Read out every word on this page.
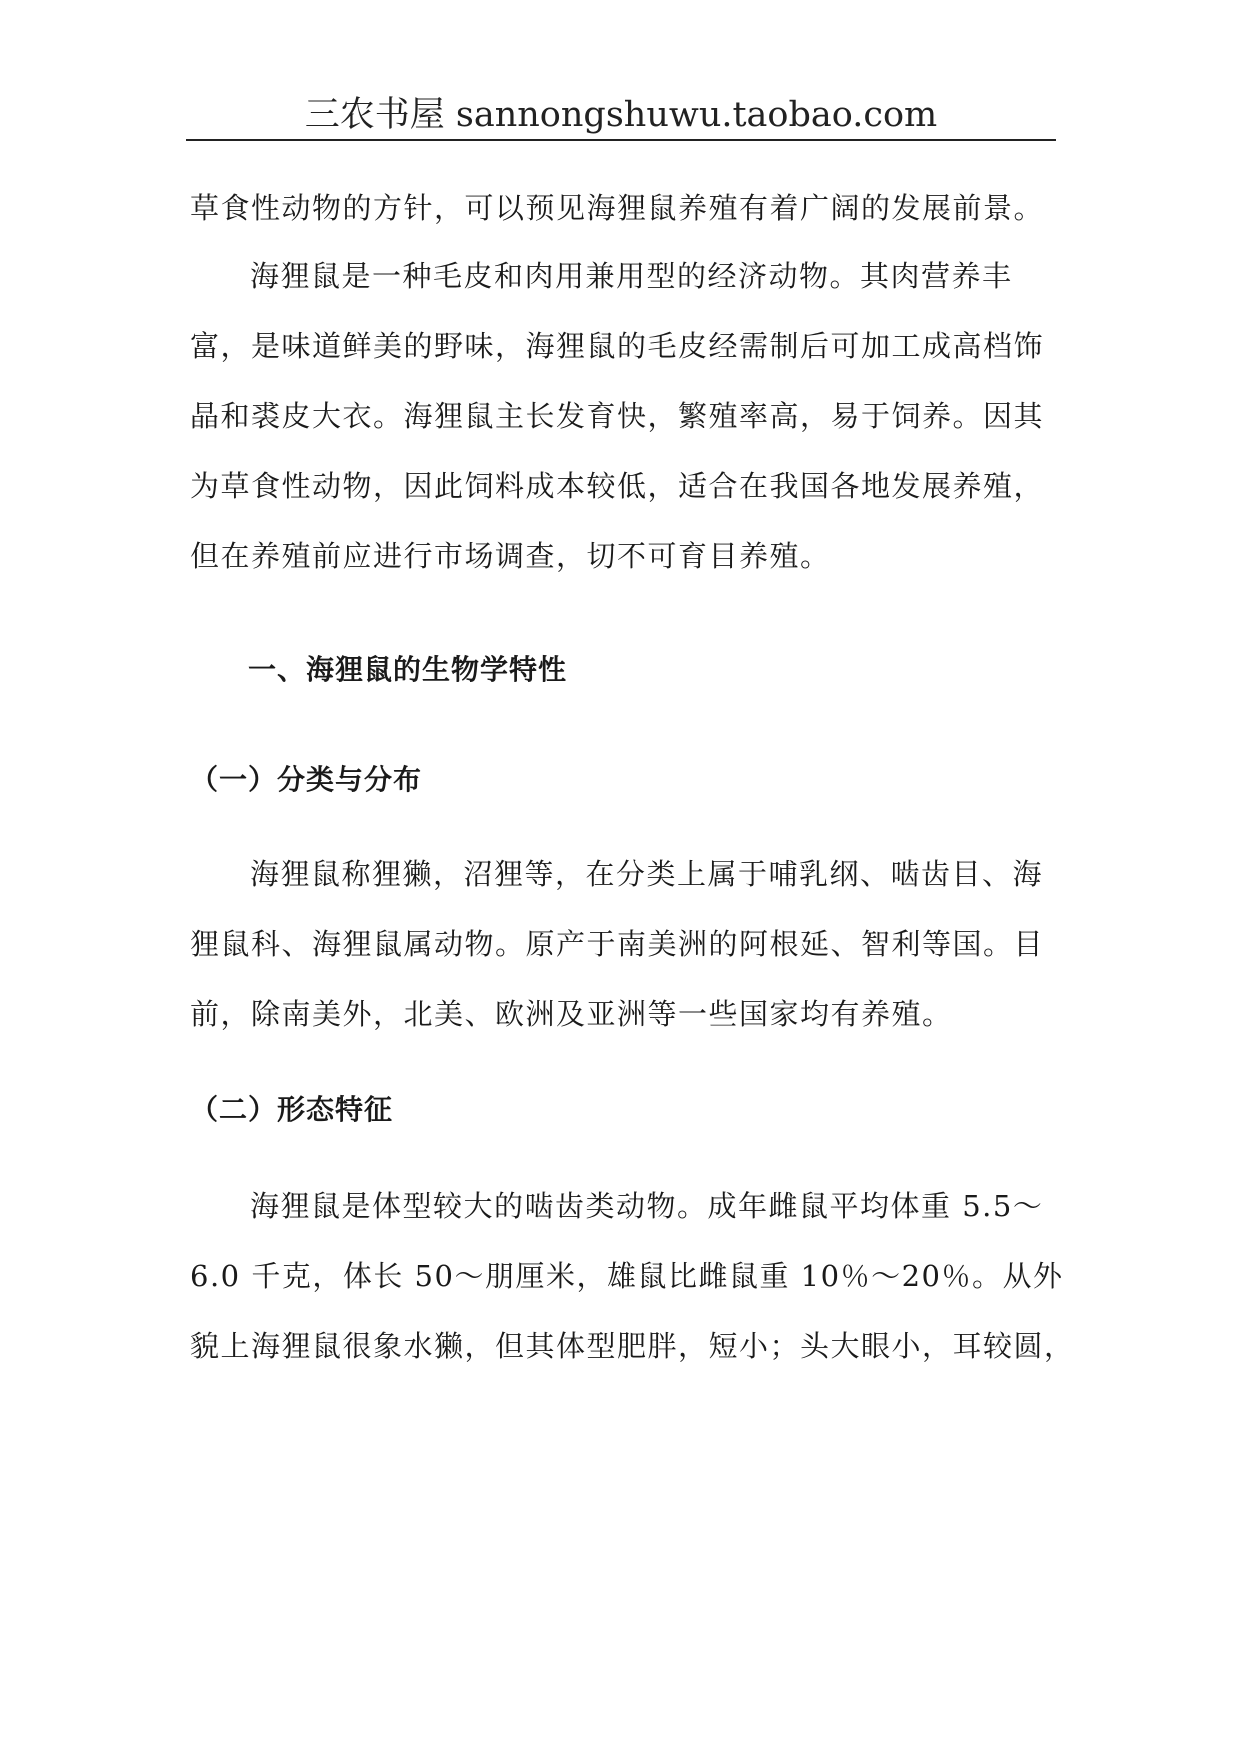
三农书屋 sannongshuwu.taobao.com
草食性动物的方针，可以预见海狸鼠养殖有着广阔的发展前景。
海狸鼠是一种毛皮和肉用兼用型的经济动物。其肉营养丰
富，是味道鲜美的野味，海狸鼠的毛皮经需制后可加工成高档饰
晶和裘皮大衣。海狸鼠主长发育快，繁殖率高，易于饲养。因其
为草食性动物，因此饲料成本较低，适合在我国各地发展养殖，
但在养殖前应进行市场调查，切不可育目养殖。
一、海狸鼠的生物学特性
（一）分类与分布
海狸鼠称狸獭，沼狸等，在分类上属于哺乳纲、啮齿目、海
狸鼠科、海狸鼠属动物。原产于南美洲的阿根延、智利等国。目
前，除南美外，北美、欧洲及亚洲等一些国家均有养殖。
（二）形态特征
海狸鼠是体型较大的啮齿类动物。成年雌鼠平均体重 5.5～
6.0 千克，体长 50～朋厘米，雄鼠比雌鼠重 10％～20％。从外
貌上海狸鼠很象水獭，但其体型肥胖，短小；头大眼小，耳较圆，
